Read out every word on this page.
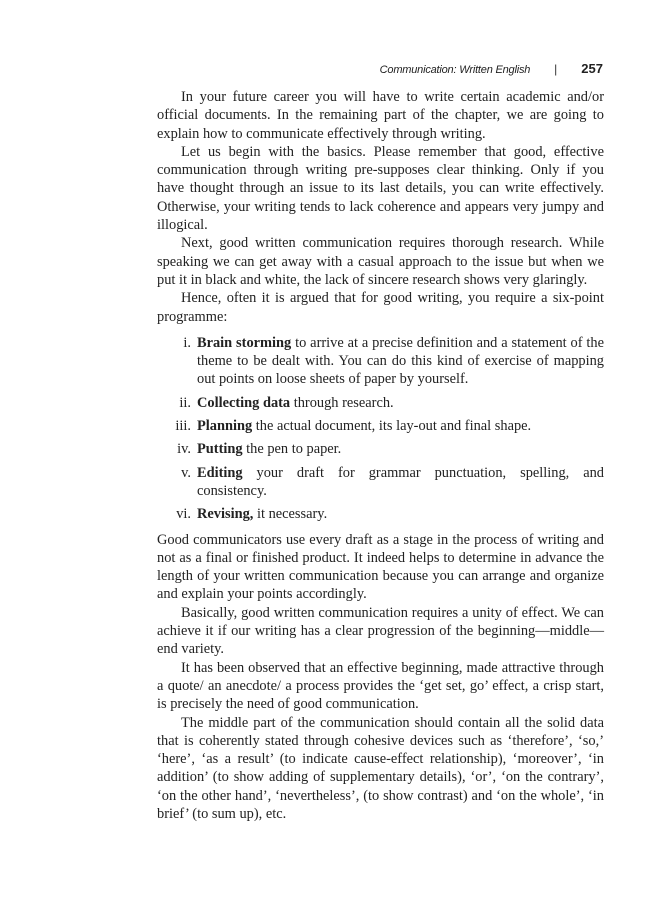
Communication: Written English | 257

In your future career you will have to write certain academic and/or official documents. In the remaining part of the chapter, we are going to explain how to communicate effectively through writing.

Let us begin with the basics. Please remember that good, effective communication through writing pre-supposes clear thinking. Only if you have thought through an issue to its last details, you can write effectively. Otherwise, your writing tends to lack coherence and appears very jumpy and illogical.

Next, good written communication requires thorough research. While speaking we can get away with a casual approach to the issue but when we put it in black and white, the lack of sincere research shows very glaringly.

Hence, often it is argued that for good writing, you require a six-point programme:

i. Brain storming to arrive at a precise definition and a statement of the theme to be dealt with. You can do this kind of exercise of mapping out points on loose sheets of paper by yourself.
ii. Collecting data through research.
iii. Planning the actual document, its lay-out and final shape.
iv. Putting the pen to paper.
v. Editing your draft for grammar punctuation, spelling, and consistency.
vi. Revising, it necessary.

Good communicators use every draft as a stage in the process of writing and not as a final or finished product. It indeed helps to determine in advance the length of your written communication because you can arrange and organize and explain your points accordingly.

Basically, good written communication requires a unity of effect. We can achieve it if our writing has a clear progression of the beginning—middle—end variety.

It has been observed that an effective beginning, made attractive through a quote/ an anecdote/ a process provides the ‘get set, go’ effect, a crisp start, is precisely the need of good communication.

The middle part of the communication should contain all the solid data that is coherently stated through cohesive devices such as ‘therefore’, ‘so,’ ‘here’, ‘as a result’ (to indicate cause-effect relationship), ‘moreover’, ‘in addition’ (to show adding of supplementary details), ‘or’, ‘on the contrary’, ‘on the other hand’, ‘nevertheless’, (to show contrast) and ‘on the whole’, ‘in brief’ (to sum up), etc.
